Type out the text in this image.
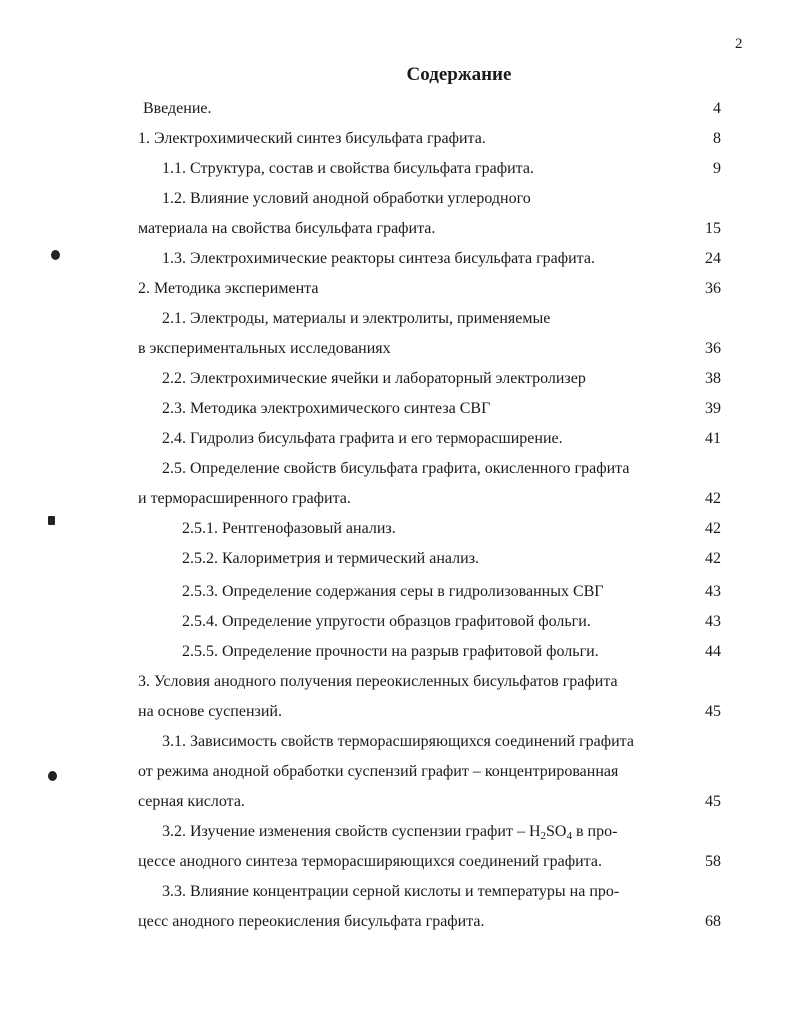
2
Содержание
Введение.	4
1. Электрохимический синтез бисульфата графита.	8
1.1. Структура, состав и свойства бисульфата графита.	9
1.2. Влияние условий анодной обработки углеродного
материала на свойства бисульфата графита.	15
1.3. Электрохимические реакторы синтеза бисульфата графита.	24
2. Методика эксперимента	36
2.1. Электроды, материалы и электролиты, применяемые
в экспериментальных исследованиях	36
2.2. Электрохимические ячейки и лабораторный электролизер	38
2.3. Методика электрохимического синтеза СВГ	39
2.4. Гидролиз бисульфата графита и его терморасширение.	41
2.5. Определение свойств бисульфата графита, окисленного графита
и терморасширенного графита.	42
2.5.1. Рентгенофазовый анализ.	42
2.5.2. Калориметрия и термический анализ.	42
2.5.3. Определение содержания серы в гидролизованных СВГ	43
2.5.4. Определение упругости образцов графитовой фольги.	43
2.5.5. Определение прочности на разрыв графитовой фольги.	44
3. Условия анодного получения переокисленных бисульфатов графита
на основе суспензий.	45
3.1. Зависимость свойств терморасширяющихся соединений графита
от режима анодной обработки суспензий графит – концентрированная
серная кислота.	45
3.2. Изучение изменения свойств суспензии графит – $H_2SO_4$ в про-
цессе анодного синтеза терморасширяющихся соединений графита.	58
3.3. Влияние концентрации серной кислоты и температуры на про-
цесс анодного переокисления бисульфата графита.	68
